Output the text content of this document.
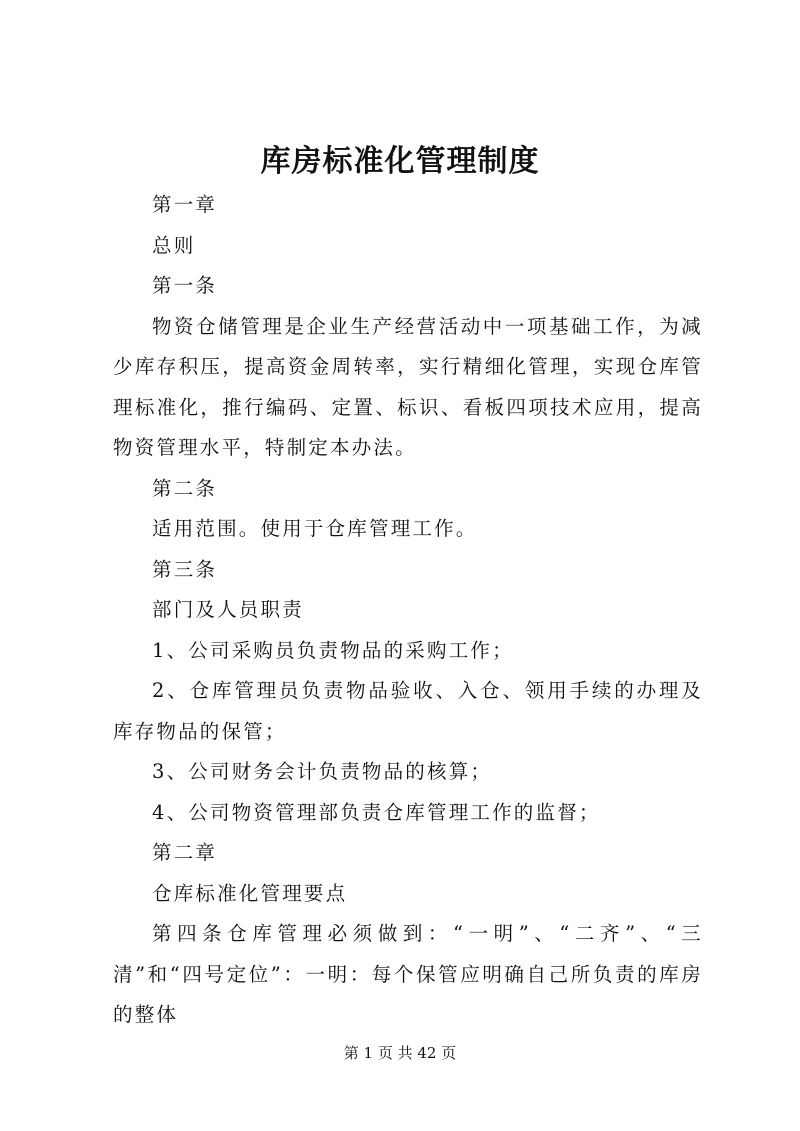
库房标准化管理制度

第一章

总则

第一条

物资仓储管理是企业生产经营活动中一项基础工作，为减少库存积压，提高资金周转率，实行精细化管理，实现仓库管理标准化，推行编码、定置、标识、看板四项技术应用，提高物资管理水平，特制定本办法。

第二条

适用范围。使用于仓库管理工作。

第三条

部门及人员职责

1、公司采购员负责物品的采购工作；

2、仓库管理员负责物品验收、入仓、领用手续的办理及库存物品的保管；

3、公司财务会计负责物品的核算；

4、公司物资管理部负责仓库管理工作的监督；

第二章

仓库标准化管理要点

第四条仓库管理必须做到：“一明”、“二齐”、“三清”和“四号定位”：一明：每个保管应明确自己所负责的库房的整体

第 1 页 共 42 页
